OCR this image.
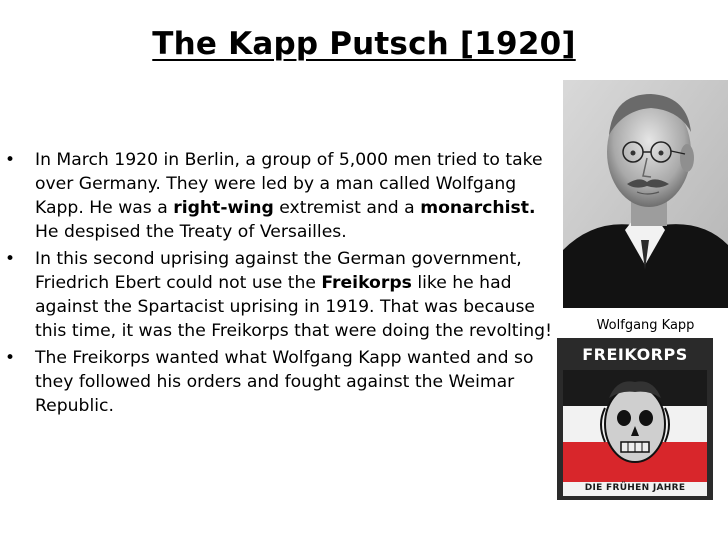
The Kapp Putsch [1920]
• In March 1920 in Berlin, a group of 5,000 men tried to take over Germany. They were led by a man called Wolfgang Kapp. He was a right-wing extremist and a monarchist. He despised the Treaty of Versailles.
• In this second uprising against the German government, Friedrich Ebert could not use the Freikorps like he had against the Spartacist uprising in 1919. That was because this time, it was the Freikorps that were doing the revolting!
• The Freikorps wanted what Wolfgang Kapp wanted and so they followed his orders and fought against the Weimar Republic.
Wolfgang Kapp
FREIKORPS
DIE FRÜHEN JAHRE
